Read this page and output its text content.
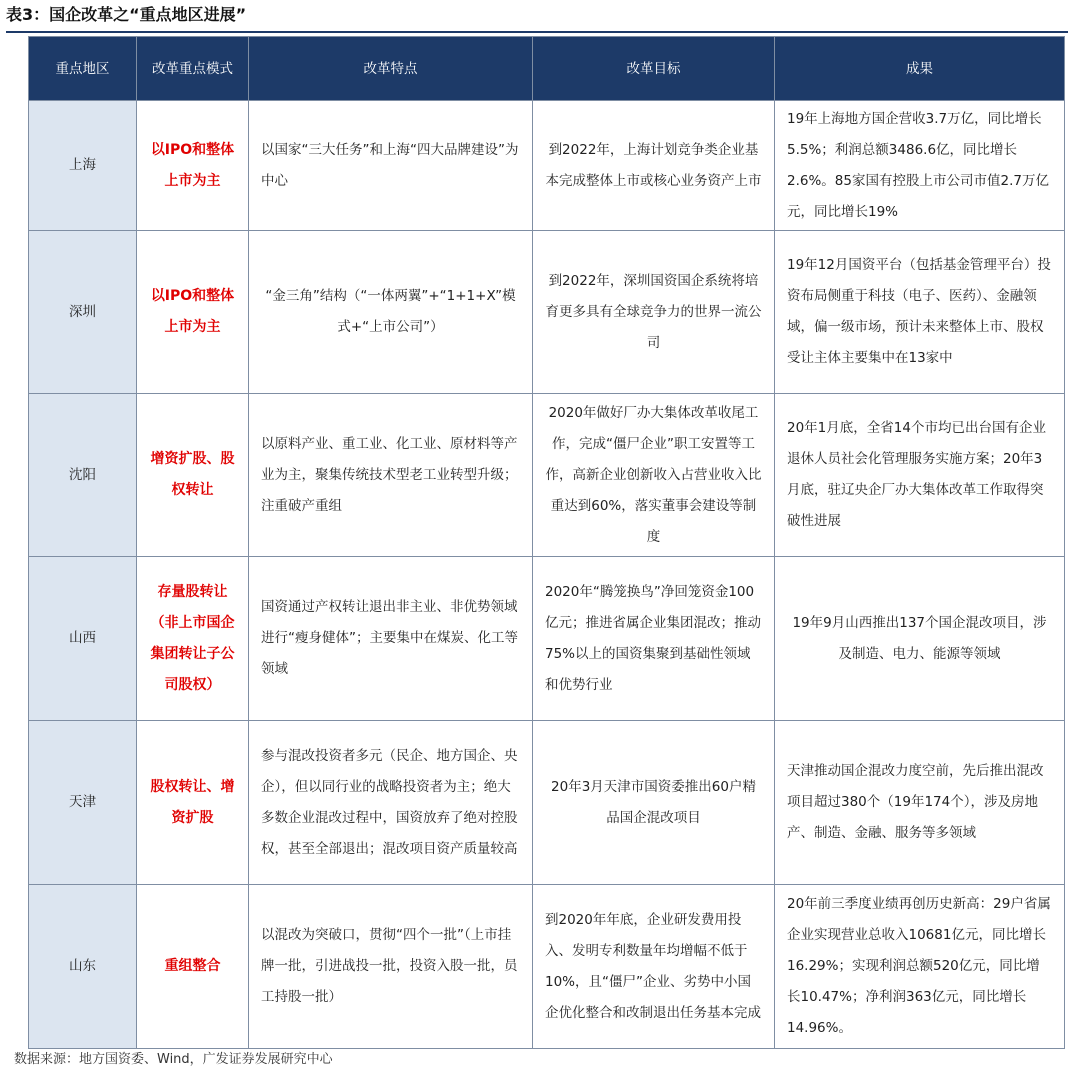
表3：国企改革之“重点地区进展”
重点地区	改革重点模式	改革特点	改革目标	成果
上海	以IPO和整体上市为主	以国家“三大任务”和上海“四大品牌建设”为中心	到2022年，上海计划竞争类企业基本完成整体上市或核心业务资产上市	19年上海地方国企营收3.7万亿，同比增长5.5%；利润总额3486.6亿，同比增长2.6%。85家国有控股上市公司市值2.7万亿元，同比增长19%
深圳	以IPO和整体上市为主	“金三角”结构（“一体两翼”+“1+1+X”模式+“上市公司”）	到2022年，深圳国资国企系统将培育更多具有全球竞争力的世界一流公司	19年12月国资平台（包括基金管理平台）投资布局侧重于科技（电子、医药）、金融领域，偏一级市场，预计未来整体上市、股权受让主体主要集中在13家中
沈阳	增资扩股、股权转让	以原料产业、重工业、化工业、原材料等产业为主，聚集传统技术型老工业转型升级；注重破产重组	2020年做好厂办大集体改革收尾工作，完成“僵尸企业”职工安置等工作，高新企业创新收入占营业收入比重达到60%，落实董事会建设等制度	20年1月底，全省14个市均已出台国有企业退休人员社会化管理服务实施方案；20年3月底，驻辽央企厂办大集体改革工作取得突破性进展
山西	存量股转让（非上市国企集团转让子公司股权）	国资通过产权转让退出非主业、非优势领域进行“瘦身健体”；主要集中在煤炭、化工等领域	2020年“腾笼换鸟”净回笼资金100亿元；推进省属企业集团混改；推动75%以上的国资集聚到基础性领域和优势行业	19年9月山西推出137个国企混改项目，涉及制造、电力、能源等领域
天津	股权转让、增资扩股	参与混改投资者多元（民企、地方国企、央企），但以同行业的战略投资者为主；绝大多数企业混改过程中，国资放弃了绝对控股权，甚至全部退出；混改项目资产质量较高	20年3月天津市国资委推出60户精品国企混改项目	天津推动国企混改力度空前，先后推出混改项目超过380个（19年174个），涉及房地产、制造、金融、服务等多领域
山东	重组整合	以混改为突破口，贯彻“四个一批”（上市挂牌一批，引进战投一批，投资入股一批，员工持股一批）	到2020年年底，企业研发费用投入、发明专利数量年均增幅不低于10%，且“僵尸”企业、劣势中小国企优化整合和改制退出任务基本完成	20年前三季度业绩再创历史新高：29户省属企业实现营业总收入10681亿元，同比增长16.29%；实现利润总额520亿元，同比增长10.47%；净利润363亿元，同比增长14.96%。
数据来源：地方国资委、Wind，广发证券发展研究中心
